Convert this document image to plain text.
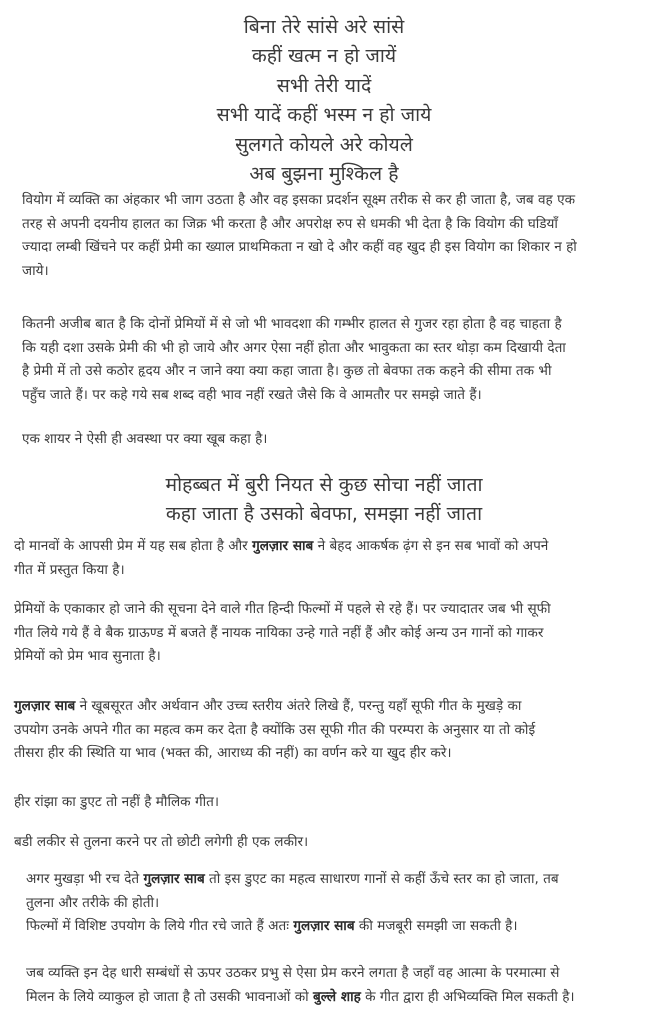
बिना तेरे सांसे अरे सांसे
कहीं खत्म न हो जायें
सभी तेरी यादें
सभी यादें कहीं भस्म न हो जाये
सुलगते कोयले अरे कोयले
अब बुझना मुश्किल है
वियोग में व्यक्ति का अंहकार भी जाग उठता है और वह इसका प्रदर्शन सूक्ष्म तरीक से कर ही जाता है, जब वह एक
तरह से अपनी दयनीय हालत का जिक्र भी करता है और अपरोक्ष रुप से धमकी भी देता है कि वियोग की घडियाँ
ज्यादा लम्बी खिंचने पर कहीं प्रेमी का ख्याल प्राथमिकता न खो दे और कहीं वह खुद ही इस वियोग का शिकार न हो
जाये।
कितनी अजीब बात है कि दोनों प्रेमियों में से जो भी भावदशा की गम्भीर हालत से गुजर रहा होता है वह चाहता है
कि यही दशा उसके प्रेमी की भी हो जाये और अगर ऐसा नहीं होता और भावुकता का स्तर थोड़ा कम दिखायी देता
है प्रेमी में तो उसे कठोर हृदय और न जाने क्या क्या कहा जाता है। कुछ तो बेवफा तक कहने की सीमा तक भी
पहुँच जाते हैं। पर कहे गये सब शब्द वही भाव नहीं रखते जैसे कि वे आमतौर पर समझे जाते हैं।
एक शायर ने ऐसी ही अवस्था पर क्या खूब कहा है।
मोहब्बत में बुरी नियत से कुछ सोचा नहीं जाता
कहा जाता है उसको बेवफा, समझा नहीं जाता
दो मानवों के आपसी प्रेम में यह सब होता है और गुलज़ार साब ने बेहद आकर्षक ढ़ंग से इन सब भावों को अपने
गीत में प्रस्तुत किया है।
प्रेमियों के एकाकार हो जाने की सूचना देने वाले गीत हिन्दी फिल्मों में पहले से रहे हैं। पर ज्यादातर जब भी सूफी
गीत लिये गये हैं वे बैक ग्राऊण्ड में बजते हैं नायक नायिका उन्हे गाते नहीं हैं और कोई अन्य उन गानों को गाकर
प्रेमियों को प्रेम भाव सुनाता है।
गुलज़ार साब ने खूबसूरत और अर्थवान और उच्च स्तरीय अंतरे लिखे हैं, परन्तु यहाँ सूफी गीत के मुखड़े का
उपयोग उनके अपने गीत का महत्व कम कर देता है क्योंकि उस सूफी गीत की परम्परा के अनुसार या तो कोई
तीसरा हीर की स्थिति या भाव (भक्त की, आराध्य की नहीं) का वर्णन करे या खुद हीर करे।
हीर रांझा का डुएट तो नहीं है मौलिक गीत।
बडी लकीर से तुलना करने पर तो छोटी लगेगी ही एक लकीर।
अगर मुखड़ा भी रच देते गुलज़ार साब तो इस डुएट का महत्व साधारण गानों से कहीं ऊँचे स्तर का हो जाता, तब
तुलना और तरीके की होती।
फिल्मों में विशिष्ट उपयोग के लिये गीत रचे जाते हैं अतः गुलज़ार साब की मजबूरी समझी जा सकती है।
जब व्यक्ति इन देह धारी सम्बंधों से ऊपर उठकर प्रभु से ऐसा प्रेम करने लगता है जहाँ वह आत्मा के परमात्मा से
मिलन के लिये व्याकुल हो जाता है तो उसकी भावनाओं को बुल्ले शाह के गीत द्वारा ही अभिव्यक्ति मिल सकती है।
